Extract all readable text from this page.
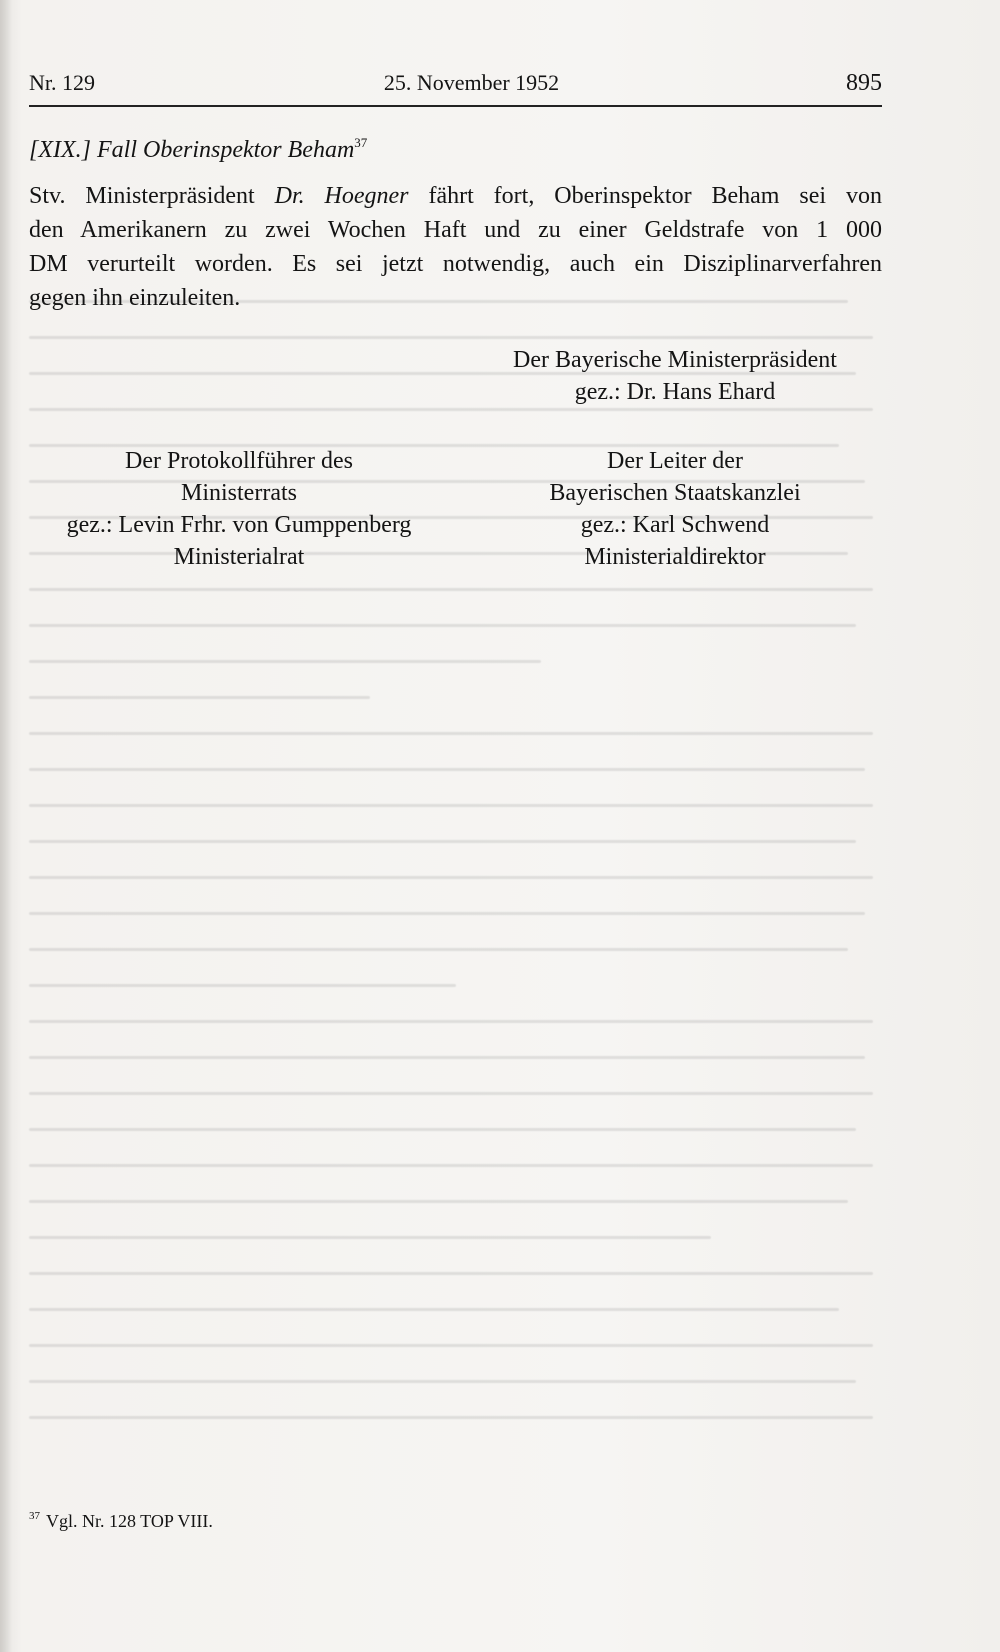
Nr. 129	25. November 1952	895
[XIX.] Fall Oberinspektor Beham$^{37}$
Stv. Ministerpräsident Dr. Hoegner fährt fort, Oberinspektor Beham sei von
den Amerikanern zu zwei Wochen Haft und zu einer Geldstrafe von 1 000
DM verurteilt worden. Es sei jetzt notwendig, auch ein Disziplinarverfahren
gegen ihn einzuleiten.
Der Bayerische Ministerpräsident
gez.: Dr. Hans Ehard
Der Protokollführer des
Ministerrats
gez.: Levin Frhr. von Gumppenberg
Ministerialrat
Der Leiter der
Bayerischen Staatskanzlei
gez.: Karl Schwend
Ministerialdirektor
$^{37}$ Vgl. Nr. 128 TOP VIII.
